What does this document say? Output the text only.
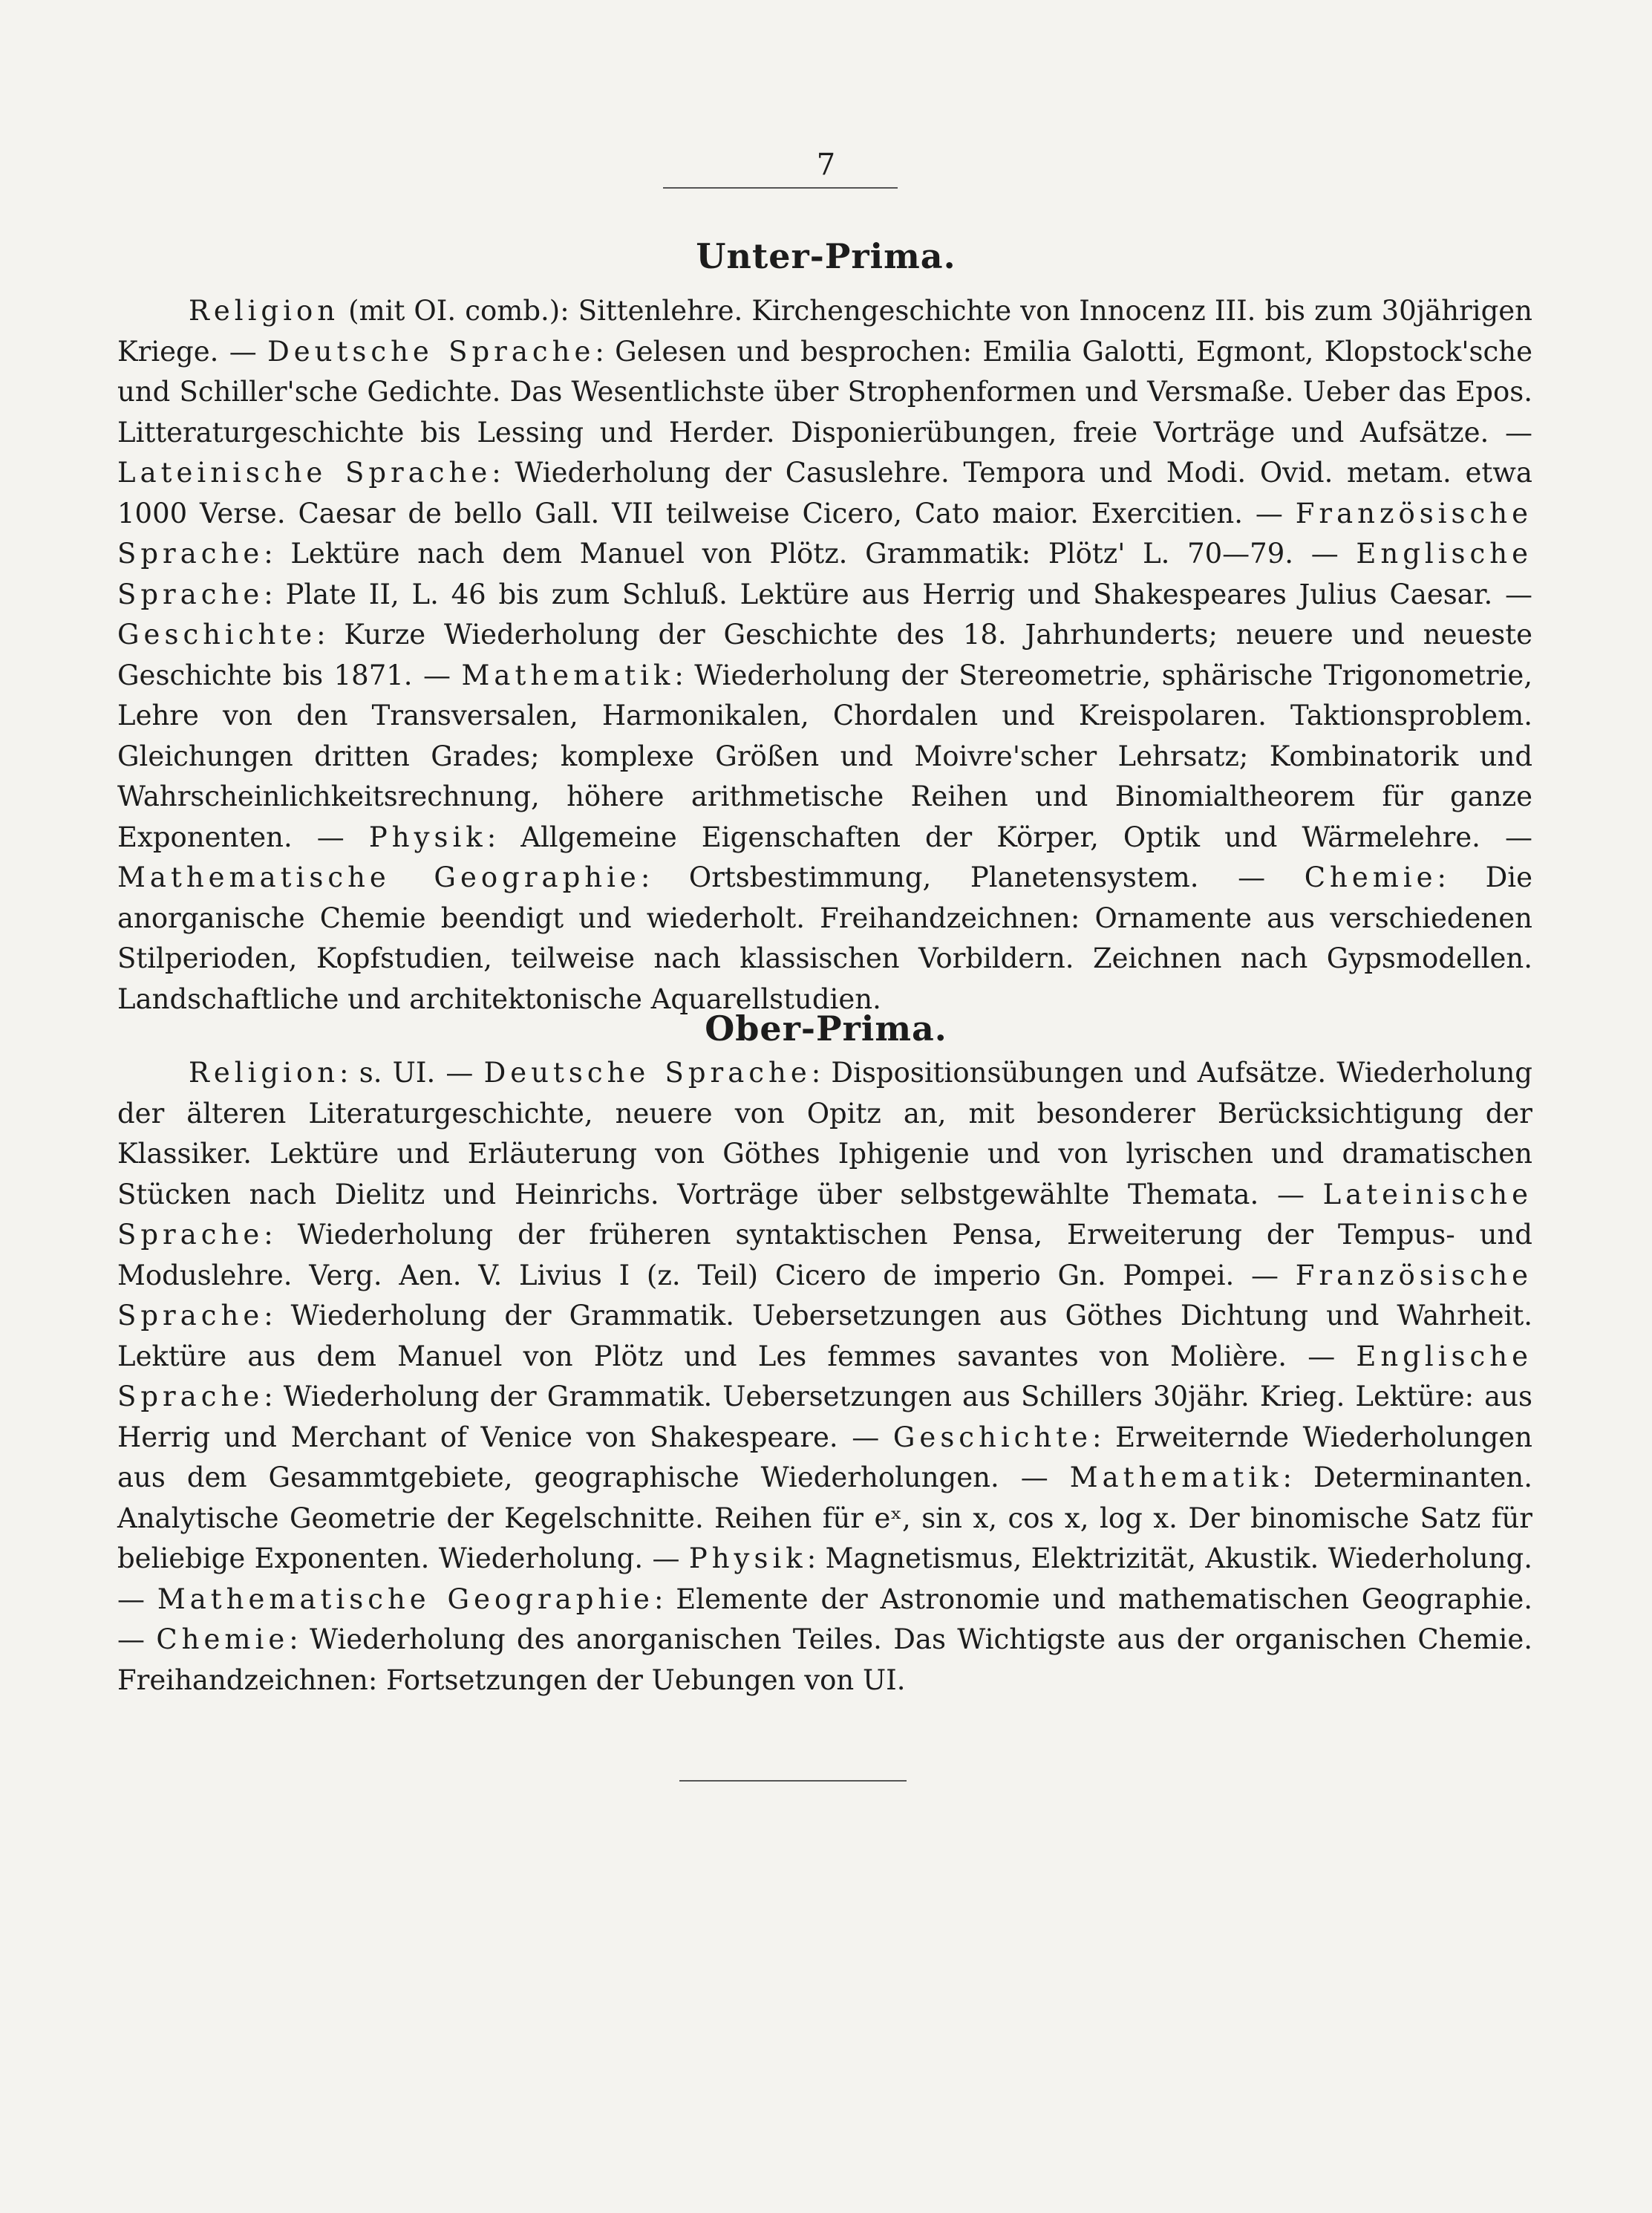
7
Unter-Prima.

Religion (mit OI. comb.): Sittenlehre. Kirchengeschichte von Innocenz III. bis zum 30jährigen Kriege. — Deutsche Sprache: Gelesen und besprochen: Emilia Galotti, Egmont, Klopstock'sche und Schiller'sche Gedichte. Das Wesentlichste über Strophenformen und Versmaße. Ueber das Epos. Litteraturgeschichte bis Lessing und Herder. Disponierübungen, freie Vorträge und Aufsätze. — Lateinische Sprache: Wiederholung der Casuslehre. Tempora und Modi. Ovid. metam. etwa 1000 Verse. Caesar de bello Gall. VII teilweise Cicero, Cato maior. Exercitien. — Französische Sprache: Lektüre nach dem Manuel von Plötz. Grammatik: Plötz' L. 70—79. — Englische Sprache: Plate II, L. 46 bis zum Schluß. Lektüre aus Herrig und Shakespeares Julius Caesar. — Geschichte: Kurze Wiederholung der Geschichte des 18. Jahrhunderts; neuere und neueste Geschichte bis 1871. — Mathematik: Wiederholung der Stereometrie, sphärische Trigonometrie, Lehre von den Transversalen, Harmonikalen, Chordalen und Kreispolaren. Taktionsproblem. Gleichungen dritten Grades; komplexe Größen und Moivre'scher Lehrsatz; Kombinatorik und Wahrscheinlichkeitsrechnung, höhere arithmetische Reihen und Binomialtheorem für ganze Exponenten. — Physik: Allgemeine Eigenschaften der Körper, Optik und Wärmelehre. — Mathematische Geographie: Ortsbestimmung, Planetensystem. — Chemie: Die anorganische Chemie beendigt und wiederholt. Freihandzeichnen: Ornamente aus verschiedenen Stilperioden, Kopfstudien, teilweise nach klassischen Vorbildern. Zeichnen nach Gypsmodellen. Landschaftliche und architektonische Aquarellstudien.

Ober-Prima.

Religion: s. UI. — Deutsche Sprache: Dispositionsübungen und Aufsätze. Wiederholung der älteren Literaturgeschichte, neuere von Opitz an, mit besonderer Berücksichtigung der Klassiker. Lektüre und Erläuterung von Göthes Iphigenie und von lyrischen und dramatischen Stücken nach Dielitz und Heinrichs. Vorträge über selbstgewählte Themata. — Lateinische Sprache: Wiederholung der früheren syntaktischen Pensa, Erweiterung der Tempus- und Moduslehre. Verg. Aen. V. Livius I (z. Teil) Cicero de imperio Gn. Pompei. — Französische Sprache: Wiederholung der Grammatik. Uebersetzungen aus Göthes Dichtung und Wahrheit. Lektüre aus dem Manuel von Plötz und Les femmes savantes von Molière. — Englische Sprache: Wiederholung der Grammatik. Uebersetzungen aus Schillers 30jähr. Krieg. Lektüre: aus Herrig und Merchant of Venice von Shakespeare. — Geschichte: Erweiternde Wiederholungen aus dem Gesammtgebiete, geographische Wiederholungen. — Mathematik: Determinanten. Analytische Geometrie der Kegelschnitte. Reihen für eˣ, sin x, cos x, log x. Der binomische Satz für beliebige Exponenten. Wiederholung. — Physik: Magnetismus, Elektrizität, Akustik. Wiederholung. — Mathematische Geographie: Elemente der Astronomie und mathematischen Geographie. — Chemie: Wiederholung des anorganischen Teiles. Das Wichtigste aus der organischen Chemie. Freihandzeichnen: Fortsetzungen der Uebungen von UI.
